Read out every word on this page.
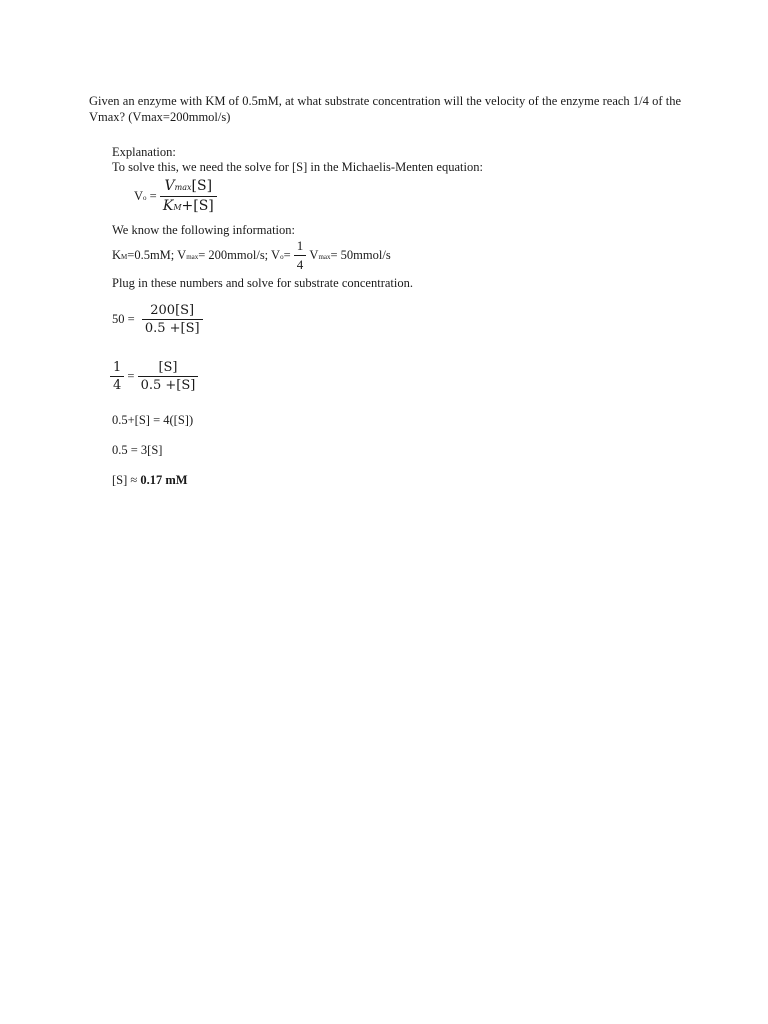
Given an enzyme with KM of 0.5mM, at what substrate concentration will the velocity of the enzyme reach 1/4 of the Vmax? (Vmax=200mmol/s)
Explanation:
To solve this, we need the solve for [S] in the Michaelis-Menten equation:
$Vo = \frac{Vmax[S]}{KM+[S]}$
We know the following information:
KM=0.5mM; Vmax= 200mmol/s; $Vo= \frac{1}{4} Vmax=$ 50mmol/s
Plug in these numbers and solve for substrate concentration.
$50 = \frac{200[S]}{0.5 +[S]}$
$\frac{1}{4} = \frac{[S]}{0.5 +[S]}$
0.5+[S] = 4([S])
0.5 = 3[S]
[S] ≈ 0.17 mM
